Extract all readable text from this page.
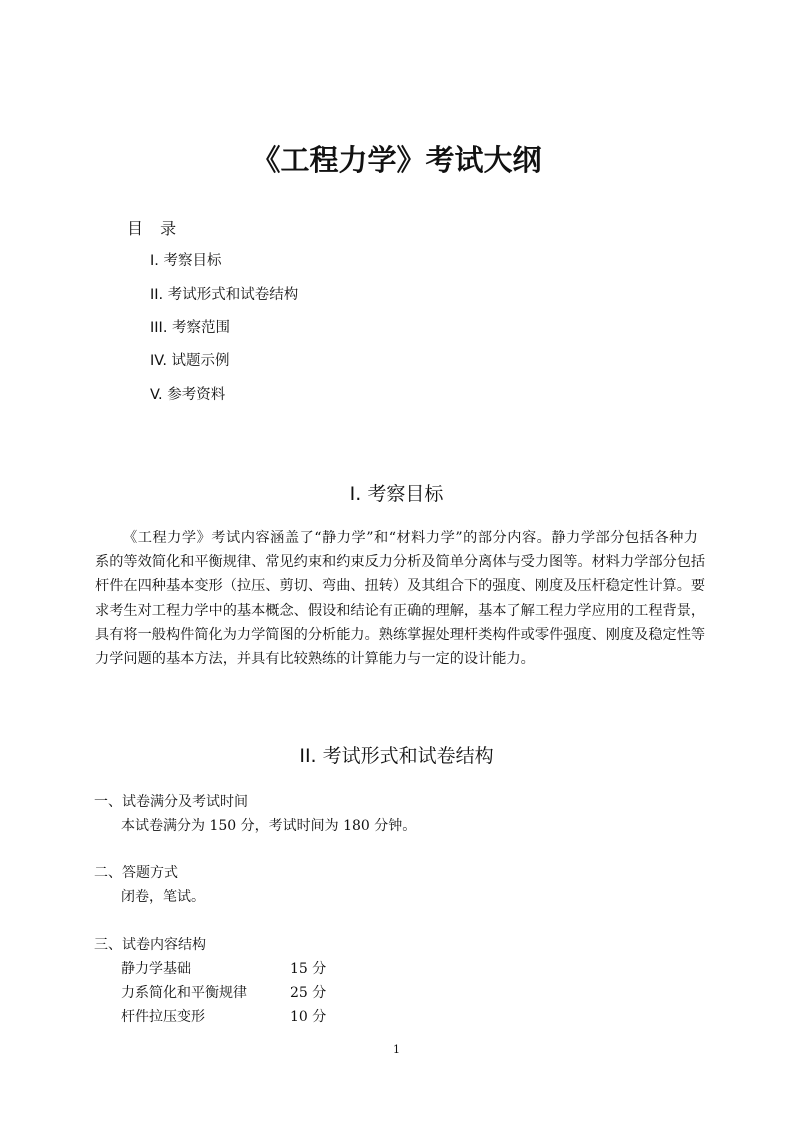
《工程力学》考试大纲
目 录
I. 考察目标
II. 考试形式和试卷结构
III. 考察范围
IV. 试题示例
V. 参考资料
I. 考察目标
《工程力学》考试内容涵盖了“静力学”和“材料力学”的部分内容。静力学部分包括各种力
系的等效简化和平衡规律、常见约束和约束反力分析及简单分离体与受力图等。材料力学部分包括
杆件在四种基本变形（拉压、剪切、弯曲、扭转）及其组合下的强度、刚度及压杆稳定性计算。要
求考生对工程力学中的基本概念、假设和结论有正确的理解，基本了解工程力学应用的工程背景，
具有将一般构件简化为力学简图的分析能力。熟练掌握处理杆类构件或零件强度、刚度及稳定性等
力学问题的基本方法，并具有比较熟练的计算能力与一定的设计能力。
II. 考试形式和试卷结构
一、试卷满分及考试时间
本试卷满分为 150 分，考试时间为 180 分钟。
二、答题方式
闭卷，笔试。
三、试卷内容结构
静力学基础	15 分
力系简化和平衡规律	25 分
杆件拉压变形	10 分
1
